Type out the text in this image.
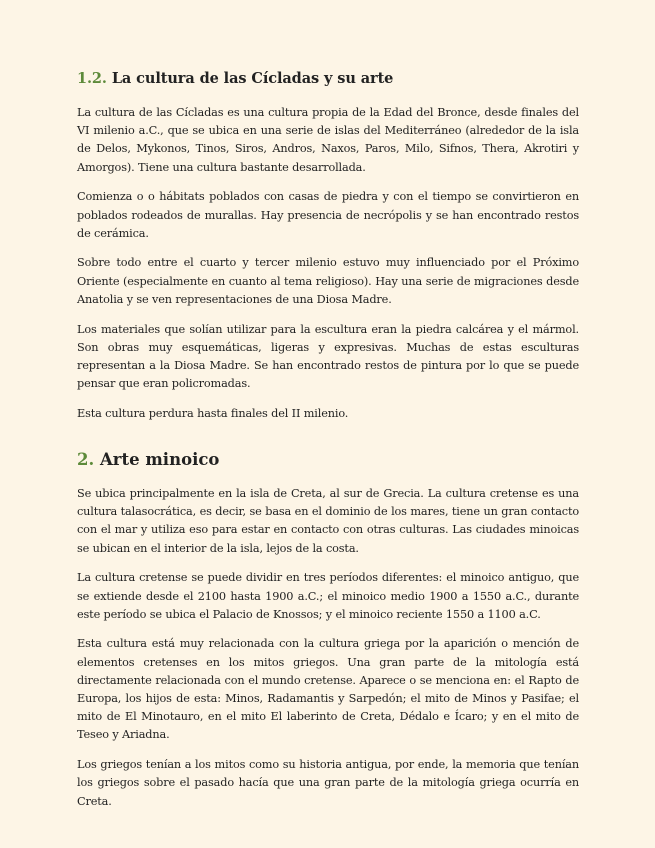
1.2. La cultura de las Cícladas y su arte

La cultura de las Cícladas es una cultura propia de la Edad del Bronce, desde finales del VI milenio a.C., que se ubica en una serie de islas del Mediterráneo (alrededor de la isla de Delos, Mykonos, Tinos, Siros, Andros, Naxos, Paros, Milo, Sifnos, Thera, Akrotiri y Amorgos). Tiene una cultura bastante desarrollada.

Comienza o o hábitats poblados con casas de piedra y con el tiempo se convirtieron en poblados rodeados de murallas. Hay presencia de necrópolis y se han encontrado restos de cerámica.

Sobre todo entre el cuarto y tercer milenio estuvo muy influenciado por el Próximo Oriente (especialmente en cuanto al tema religioso). Hay una serie de migraciones desde Anatolia y se ven representaciones de una Diosa Madre.

Los materiales que solían utilizar para la escultura eran la piedra calcárea y el mármol. Son obras muy esquemáticas, ligeras y expresivas. Muchas de estas esculturas representan a la Diosa Madre. Se han encontrado restos de pintura por lo que se puede pensar que eran policromadas.

Esta cultura perdura hasta finales del II milenio.

2. Arte minoico

Se ubica principalmente en la isla de Creta, al sur de Grecia. La cultura cretense es una cultura talasocrática, es decir, se basa en el dominio de los mares, tiene un gran contacto con el mar y utiliza eso para estar en contacto con otras culturas. Las ciudades minoicas se ubican en el interior de la isla, lejos de la costa.

La cultura cretense se puede dividir en tres períodos diferentes: el minoico antiguo, que se extiende desde el 2100 hasta 1900 a.C.; el minoico medio 1900 a 1550 a.C., durante este período se ubica el Palacio de Knossos; y el minoico reciente 1550 a 1100 a.C.

Esta cultura está muy relacionada con la cultura griega por la aparición o mención de elementos cretenses en los mitos griegos. Una gran parte de la mitología está directamente relacionada con el mundo cretense. Aparece o se menciona en: el Rapto de Europa, los hijos de esta: Minos, Radamantis y Sarpedón; el mito de Minos y Pasifae; el mito de El Minotauro, en el mito El laberinto de Creta, Dédalo e Ícaro; y en el mito de Teseo y Ariadna.

Los griegos tenían a los mitos como su historia antigua, por ende, la memoria que tenían los griegos sobre el pasado hacía que una gran parte de la mitología griega ocurría en Creta.
